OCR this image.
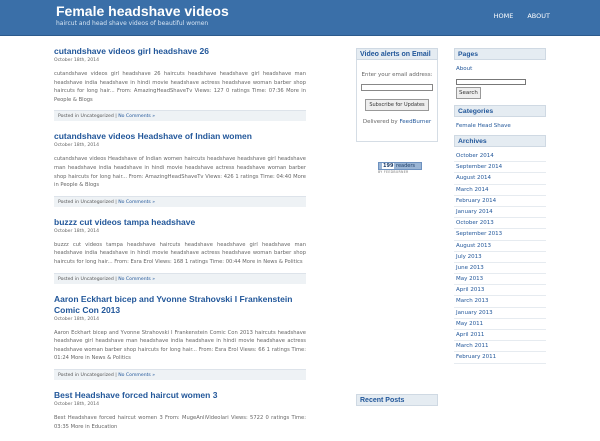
Female headshave videos
haircut and head shave videos of beautiful women
HOME ABOUT
cutandshave videos girl headshave 26
October 18th, 2014
cutandshave videos girl headshave 26 haircuts headshave headshave girl headshave man headshave india headshave in hindi movie headshave actress headshave woman barber shop haircuts for long hair... From: AmazingHeadShaveTv Views: 127 0 ratings Time: 07:36 More in People & Blogs
Posted in Uncategorized | No Comments »
cutandshave videos Headshave of Indian women
October 18th, 2014
cutandshave videos Headshave of Indian women haircuts headshave headshave girl headshave man headshave india headshave in hindi movie headshave actress headshave woman barber shop haircuts for long hair... From: AmazingHeadShaveTv Views: 426 1 ratings Time: 04:40 More in People & Blogs
Posted in Uncategorized | No Comments »
buzzz cut videos tampa headshave
October 18th, 2014
buzzz cut videos tampa headshave haircuts headshave headshave girl headshave man headshave india headshave in hindi movie headshave actress headshave woman barber shop haircuts for long hair... From: Esra Erol Views: 168 1 ratings Time: 00:44 More in News & Politics
Posted in Uncategorized | No Comments »
Aaron Eckhart bicep and Yvonne Strahovski I Frankenstein Comic Con 2013
October 18th, 2014
Aaron Eckhart bicep and Yvonne Strahovski I Frankenstein Comic Con 2013 haircuts headshave headshave girl headshave man headshave india headshave in hindi movie headshave actress headshave woman barber shop haircuts for long hair... From: Esra Erol Views: 66 1 ratings Time: 01:24 More in News & Politics
Posted in Uncategorized | No Comments »
Best Headshave forced haircut women 3
October 18th, 2014
Best Headshave forced haircut women 3 From: MugeAnliVideolari Views: 5722 0 ratings Time: 03:35 More in Education
Video alerts on Email
Enter your email address:
Subscribe for Updates
Delivered by FeedBurner
199 readers
BY FEEDBURNER
Recent Posts
Pages
About
Search
Categories
Female Head Shave
Archives
October 2014
September 2014
August 2014
March 2014
February 2014
January 2014
October 2013
September 2013
August 2013
July 2013
June 2013
May 2013
April 2013
March 2013
January 2013
May 2011
April 2011
March 2011
February 2011
